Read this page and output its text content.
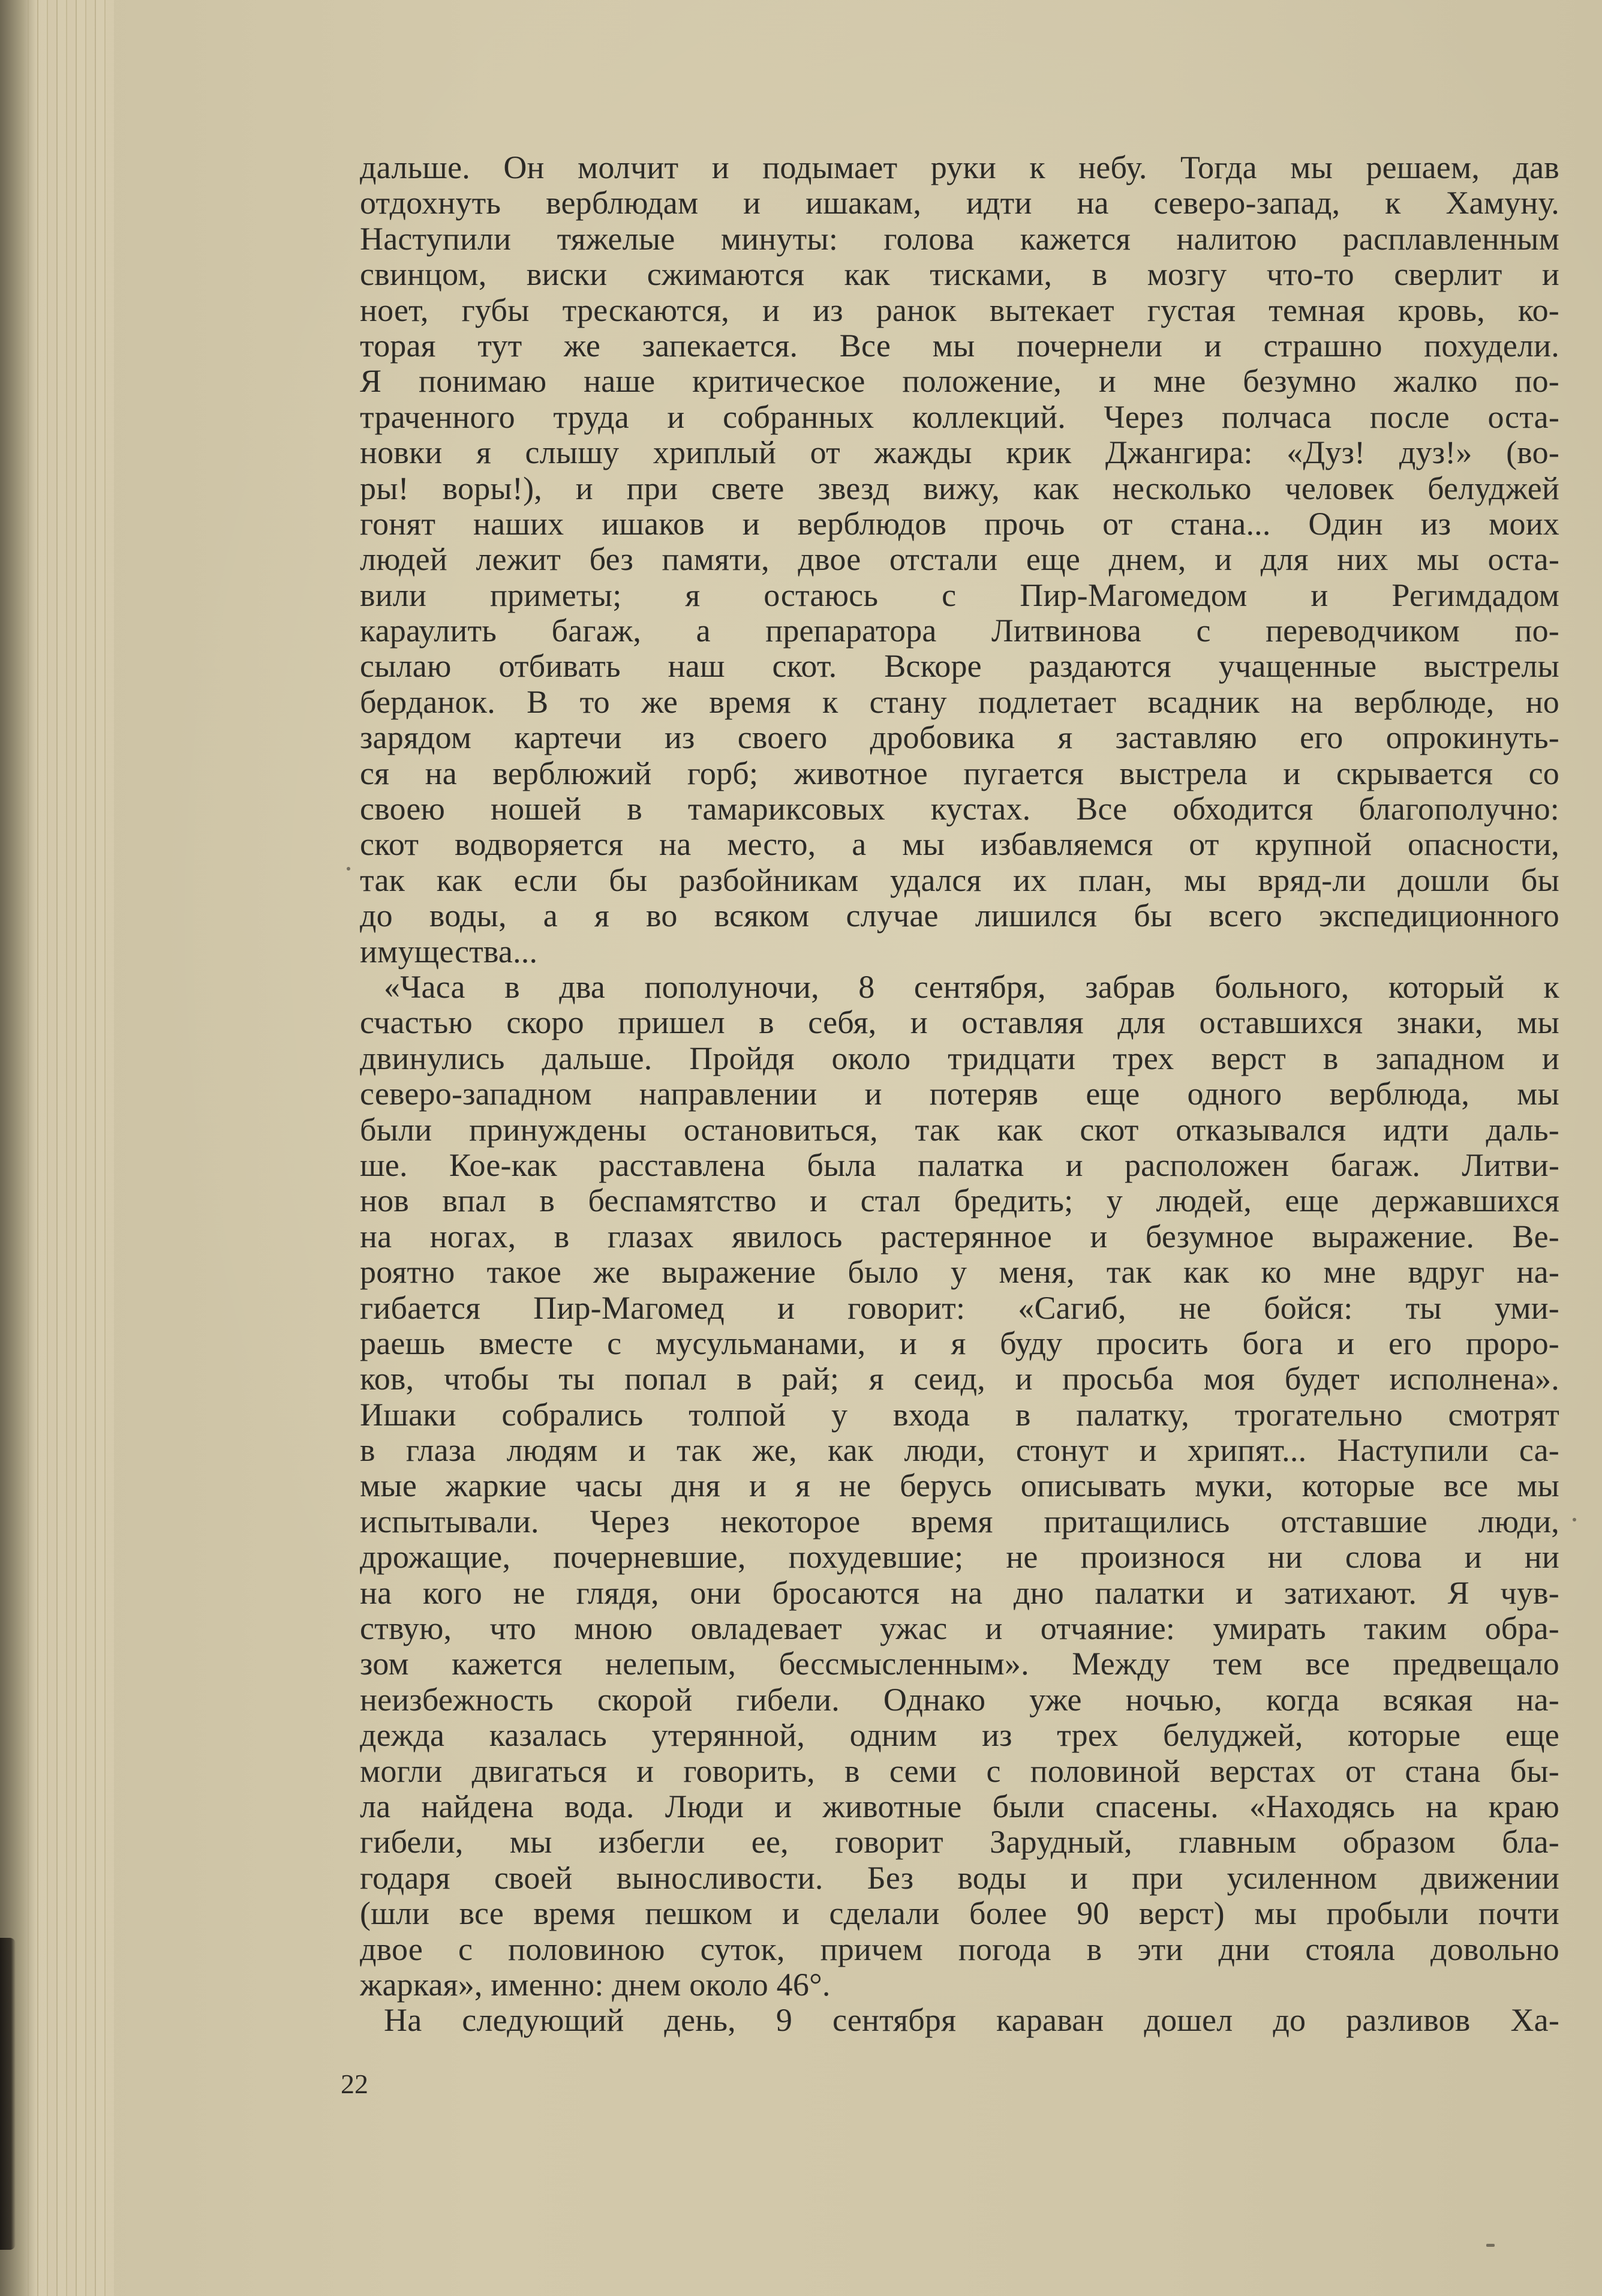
дальше. Он молчит и подымает руки к небу. Тогда мы решаем, дав
отдохнуть верблюдам и ишакам, идти на северо-запад, к Хамуну.
Наступили тяжелые минуты: голова кажется налитою расплавленным
свинцом, виски сжимаются как тисками, в мозгу что-то сверлит и
ноет, губы трескаются, и из ранок вытекает густая темная кровь, ко-
торая тут же запекается. Все мы почернели и страшно похудели.
Я понимаю наше критическое положение, и мне безумно жалко по-
траченного труда и собранных коллекций. Через полчаса после оста-
новки я слышу хриплый от жажды крик Джангира: «Дуз! дуз!» (во-
ры! воры!), и при свете звезд вижу, как несколько человек белуджей
гонят наших ишаков и верблюдов прочь от стана... Один из моих
людей лежит без памяти, двое отстали еще днем, и для них мы оста-
вили приметы; я остаюсь с Пир-Магомедом и Регимдадом
караулить багаж, а препаратора Литвинова с переводчиком по-
сылаю отбивать наш скот. Вскоре раздаются учащенные выстрелы
берданок. В то же время к стану подлетает всадник на верблюде, но
зарядом картечи из своего дробовика я заставляю его опрокинуть-
ся на верблюжий горб; животное пугается выстрела и скрывается со
своею ношей в тамариксовых кустах. Все обходится благополучно:
скот водворяется на место, а мы избавляемся от крупной опасности,
так как если бы разбойникам удался их план, мы вряд-ли дошли бы
до воды, а я во всяком случае лишился бы всего экспедиционного
имущества...
«Часа в два пополуночи, 8 сентября, забрав больного, который к
счастью скоро пришел в себя, и оставляя для оставшихся знаки, мы
двинулись дальше. Пройдя около тридцати трех верст в западном и
северо-западном направлении и потеряв еще одного верблюда, мы
были принуждены остановиться, так как скот отказывался идти даль-
ше. Кое-как расставлена была палатка и расположен багаж. Литви-
нов впал в беспамятство и стал бредить; у людей, еще державшихся
на ногах, в глазах явилось растерянное и безумное выражение. Ве-
роятно такое же выражение было у меня, так как ко мне вдруг на-
гибается Пир-Магомед и говорит: «Сагиб, не бойся: ты уми-
раешь вместе с мусульманами, и я буду просить бога и его проро-
ков, чтобы ты попал в рай; я сеид, и просьба моя будет исполнена».
Ишаки собрались толпой у входа в палатку, трогательно смотрят
в глаза людям и так же, как люди, стонут и хрипят... Наступили са-
мые жаркие часы дня и я не берусь описывать муки, которые все мы
испытывали. Через некоторое время притащились отставшие люди,
дрожащие, почерневшие, похудевшие; не произнося ни слова и ни
на кого не глядя, они бросаются на дно палатки и затихают. Я чув-
ствую, что мною овладевает ужас и отчаяние: умирать таким обра-
зом кажется нелепым, бессмысленным». Между тем все предвещало
неизбежность скорой гибели. Однако уже ночью, когда всякая на-
дежда казалась утерянной, одним из трех белуджей, которые еще
могли двигаться и говорить, в семи с половиной верстах от стана бы-
ла найдена вода. Люди и животные были спасены. «Находясь на краю
гибели, мы избегли ее, говорит Зарудный, главным образом бла-
годаря своей выносливости. Без воды и при усиленном движении
(шли все время пешком и сделали более 90 верст) мы пробыли почти
двое с половиною суток, причем погода в эти дни стояла довольно
жаркая», именно: днем около 46°.
На следующий день, 9 сентября караван дошел до разливов Ха-
22
